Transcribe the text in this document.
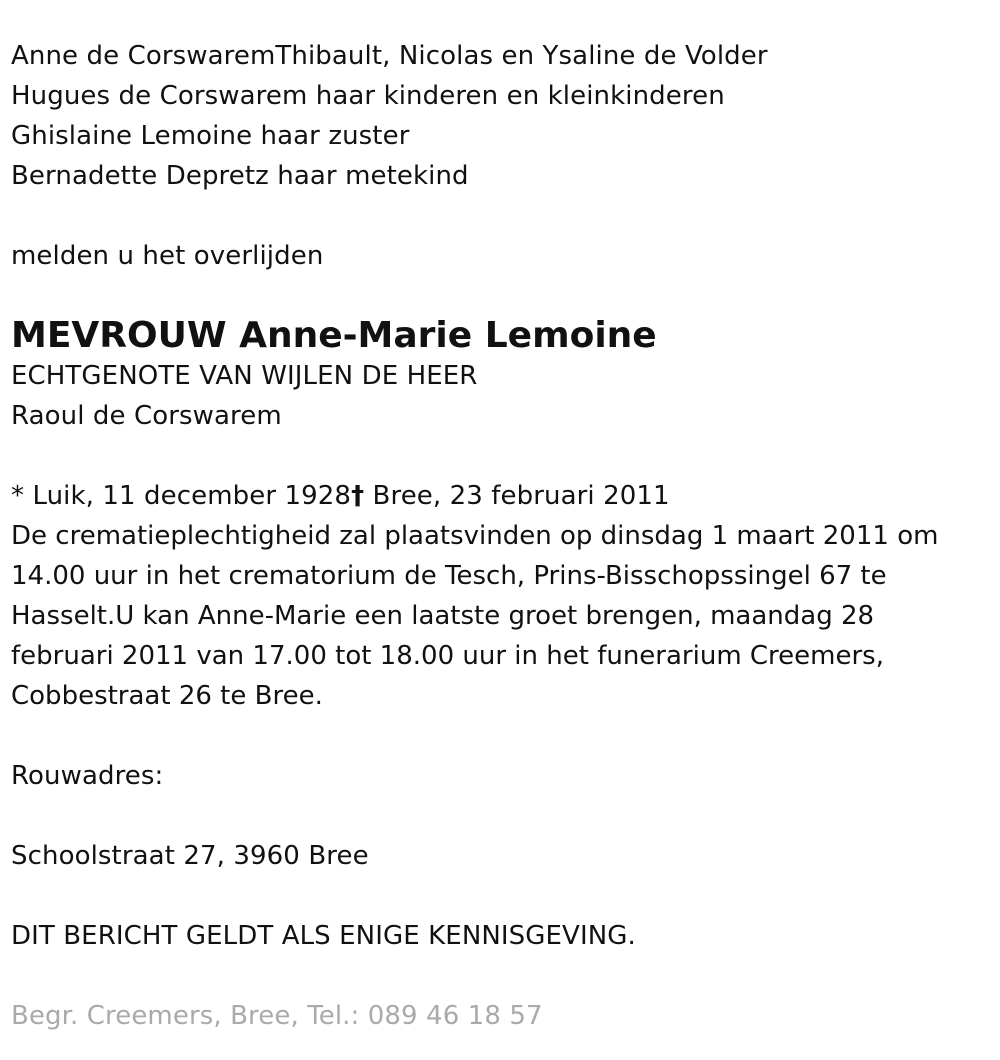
Anne de CorswaremThibault, Nicolas en Ysaline de Volder
Hugues de Corswarem haar kinderen en kleinkinderen
Ghislaine Lemoine haar zuster
Bernadette Depretz haar metekind
melden u het overlijden
MEVROUW Anne-Marie Lemoine
ECHTGENOTE VAN WIJLEN DE HEER
Raoul de Corswarem
* Luik, 11 december 1928† Bree, 23 februari 2011
De crematieplechtigheid zal plaatsvinden op dinsdag 1 maart 2011 om 14.00 uur in het crematorium de Tesch, Prins-Bisschopssingel 67 te Hasselt.U kan Anne-Marie een laatste groet brengen, maandag 28 februari 2011 van 17.00 tot 18.00 uur in het funerarium Creemers, Cobbestraat 26 te Bree.
Rouwadres:
Schoolstraat 27, 3960 Bree
DIT BERICHT GELDT ALS ENIGE KENNISGEVING.
Begr. Creemers, Bree, Tel.: 089 46 18 57
